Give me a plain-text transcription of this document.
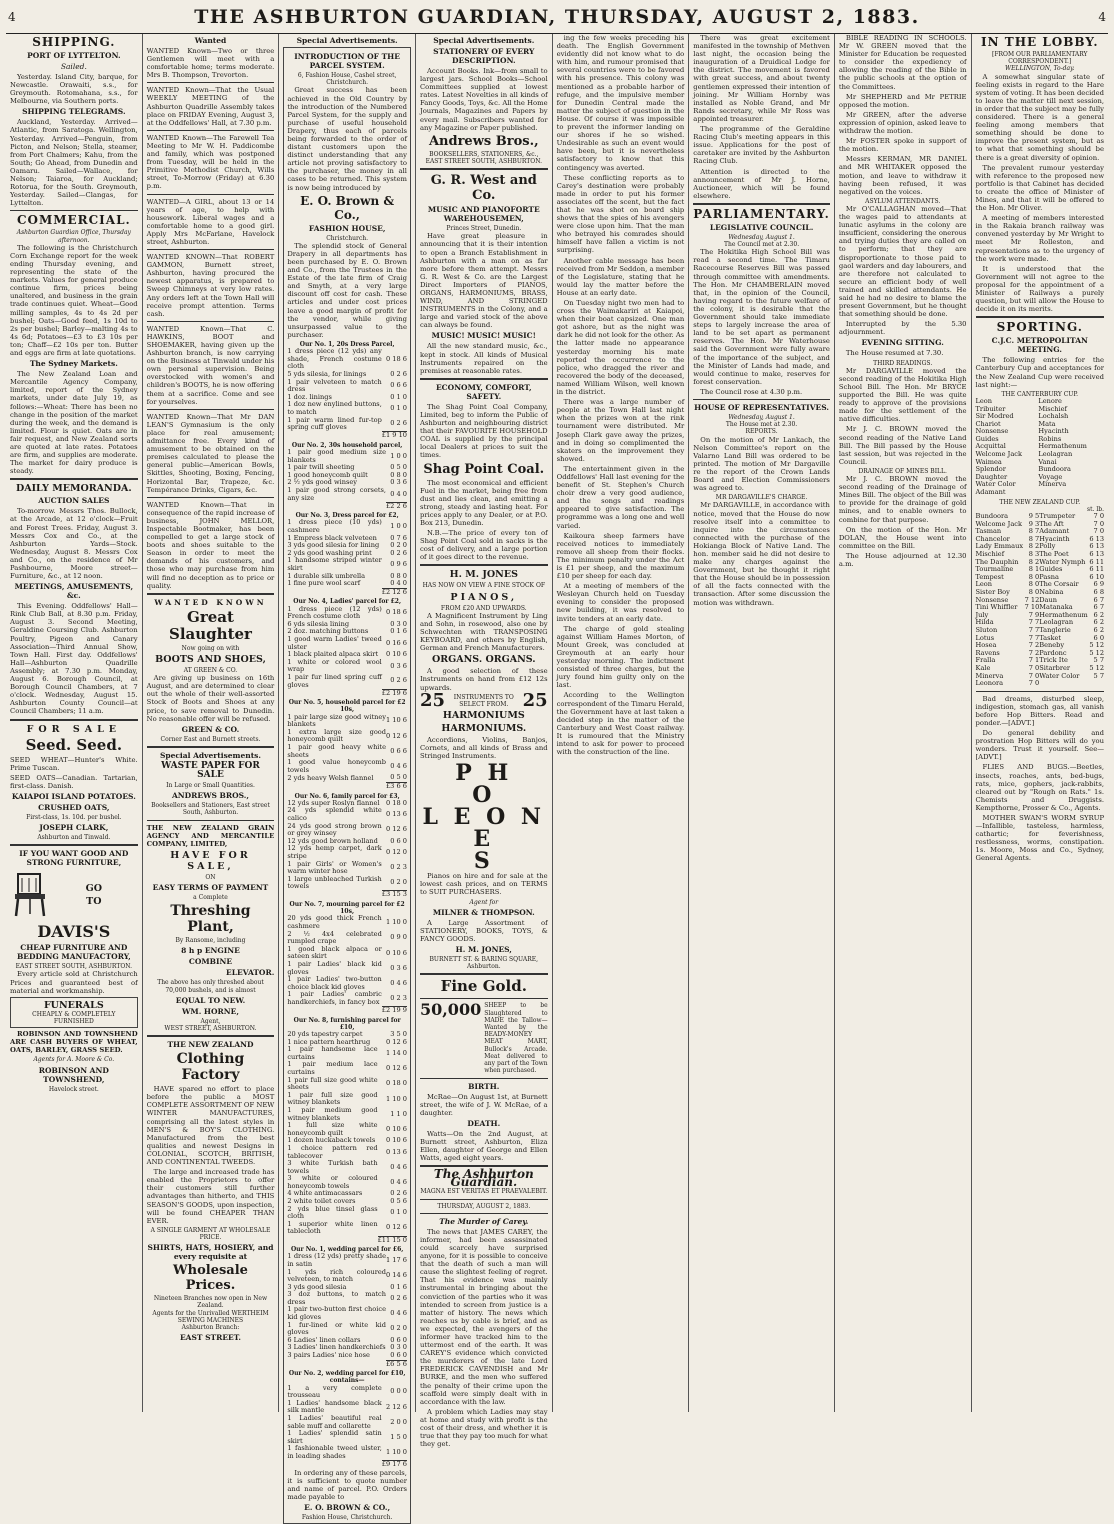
4	THE ASHBURTON GUARDIAN, THURSDAY, AUGUST 2, 1883.	4
SHIPPING.
PORT OF LYTTELTON.
Sailed.

Yesterday. Island City, barque, for Newcastle. Orawaiti, s.s., for Greymouth. Rotomahana, s.s., for Melbourne, via Southern ports.

SHIPPING TELEGRAMS.

Auckland, Yesterday. Arrived—Atlantic, from Saratoga. Wellington, Yesterday. Arrived—Penguin, from Picton, and Nelson; Stella, steamer, from Port Chalmers; Kahu, from the South; Go Ahead, from Dunedin and Oamaru. Sailed—Wallace, for Nelson; Taiaroa, for Auckland; Rotorua, for the South. Greymouth, Yesterday. Sailed—Clangas, for Lyttelton.

COMMERCIAL.
Ashburton Guardian Office, Thursday afternoon.

The following is the Christchurch Corn Exchange report for the week ending Thursday evening, and representing the state of the markets. Values for general produce continue firm, prices being unaltered, and business in the grain trade continues quiet. Wheat—Good milling samples, 4s to 4s 2d per bushel; Oats—Good feed, 1s 10d to 2s per bushel; Barley—malting 4s to 4s 6d; Potatoes—£3 to £3 10s per ton; Chaff—£2 10s per ton. Butter and eggs are firm at late quotations.

The Sydney Markets.

The New Zealand Loan and Mercantile Agency Company, limited, report of the Sydney markets, under date July 19, as follows:—Wheat: There has been no change in the position of the market during the week, and the demand is limited. Flour is quiet. Oats are in fair request, and New Zealand sorts are quoted at late rates. Potatoes are firm, and supplies are moderate. The market for dairy produce is steady.

DAILY MEMORANDA.
AUCTION SALES

To-morrow. Messrs Thos. Bullock, at the Arcade, at 12 o'clock—Fruit and Forest Trees. Friday, August 3. Messrs Cox and Co., at the Ashburton Yards—Stock. Wednesday, August 8. Messrs Cox and Co., on the residence of Mr Pashbourne, Moore street—Furniture, &c., at 12 noon.

MEETINGS, AMUSEMENTS, &c.

This Evening. Oddfellows' Hall—Rink Club Ball, at 8.30 p.m. Friday, August 3. Second Meeting, Geraldine Coursing Club. Ashburton Poultry, Pigeon and Canary Association—Third Annual Show, Town Hall. First day. Oddfellows' Hall—Ashburton Quadrille Assembly; at 7.30 p.m. Monday, August 6. Borough Council, at Borough Council Chambers, at 7 o'clock. Wednesday, August 15. Ashburton County Council—at Council Chambers; 11 a.m.

FOR SALE
Seed. Seed.

SEED WHEAT—Hunter's White. Prime Tuscan.

SEED OATS—Canadian. Tartarian, first-class. Danish.

KAIAPOI ISLAND POTATOES.
CRUSHED OATS,
First-class, 1s. 10d. per bushel.
JOSEPH CLARK,
Ashburton and Tinwald.
IF YOU WANT GOOD AND STRONG FURNITURE,
GO
TO
DAVIS'S
CHEAP FURNITURE AND BEDDING MANUFACTORY,
EAST STREET SOUTH, ASHBURTON.

Every article sold at Christchurch Prices and guaranteed best of material and workmanship.

FUNERALS
CHEAPLY & COMPLETELY FURNISHED

ROBINSON AND TOWNSHEND ARE CASH BUYERS OF WHEAT, OATS, BARLEY, GRASS SEED.

Agents for A. Moore & Co.
ROBINSON AND TOWNSHEND,
Havelock street.
Wanted

WANTED Known—Two or three Gentlemen will meet with a comfortable home; terms moderate. Mrs B. Thompson, Trevorton.

WANTED Known—That the Usual WEEKLY MEETING of the Ashburton Quadrille Assembly takes place on FRIDAY Evening, August 3, at the Oddfellows' Hall, at 7.30 p.m.

WANTED Known—The Farewell Tea Meeting to Mr W. H. Paddicombe and family, which was postponed from Tuesday, will be held in the Primitive Methodist Church, Wills street, To-Morrow (Friday) at 6.30 p.m.

WANTED—A GIRL, about 13 or 14 years of age, to help with housework. Liberal wages and a comfortable home to a good girl. Apply Mrs McFarlane, Havelock street, Ashburton.

WANTED KNOWN—That ROBERT GAMMON, Burnett street, Ashburton, having procured the newest apparatus, is prepared to Sweep Chimneys at very low rates. Any orders left at the Town Hall will receive prompt attention. Terms cash.

WANTED Known—That C. HAWKINS, BOOT and SHOEMAKER, having given up the Ashburton branch, is now carrying on the Business at Tinwald under his own personal supervision. Being overstocked with women's and children's BOOTS, he is now offering them at a sacrifice. Come and see for yourselves.

WANTED Known—That Mr DAN LEAN'S Gymnasium is the only place for real amusement; admittance free. Every kind of amusement to be obtained on the premises calculated to please the general public—American Bowls, Skittles, Shooting, Boxing, Fencing, Horizontal Bar, Trapeze, &c. Tempérance Drinks, Cigars, &c.

WANTED Known—That in consequence of the rapid increase of business, JOHN MELLOR, Inspectable Bootmaker, has been compelled to get a large stock of boots and shoes suitable to the Season in order to meet the demands of his customers, and those who may purchase from him will find no deception as to price or quality.

WANTED KNOWN
Great Slaughter
Now going on with
BOOTS AND SHOES,
AT GREEN & CO.

Are giving up business on 16th August, and are determined to clear out the whole of their well-assorted Stock of Boots and Shoes at any price, to save removal to Dunedin. No reasonable offer will be refused.

GREEN & CO.
Corner East and Burnett streets.
Special Advertisements.
WASTE PAPER FOR SALE
In Large or Small Quantities.
ANDREWS BROS.,
Booksellers and Stationers, East street South, Ashburton.

THE NEW ZEALAND GRAIN AGENCY AND MERCANTILE COMPANY, LIMITED,

HAVE FOR SALE,
ON
EASY TERMS OF PAYMENT
a Complete
Threshing Plant,
By Ransome, including
8 h p ENGINE
COMBINE
ELEVATOR.
The above has only threshed about
70,000 bushels, and is almost
EQUAL TO NEW.
WM. HORNE,
Agent,
WEST STREET, ASHBURTON.
THE NEW ZEALAND
Clothing Factory

HAVE spared no effort to place before the public a MOST COMPLETE ASSORTMENT OF NEW WINTER MANUFACTURES, comprising all the latest styles in MEN'S & BOY'S CLOTHING. Manufactured from the best qualities and newest Designs in COLONIAL, SCOTCH, BRITISH, AND CONTINENTAL TWEEDS.

The large and increased trade has enabled the Proprietors to offer their customers still further advantages than hitherto, and THIS SEASON'S GOODS, upon inspection, will be found CHEAPER THAN EVER.

A SINGLE GARMENT AT WHOLESALE PRICE.
SHIRTS, HATS, HOSIERY, and every requisite at
Wholesale Prices.
Nineteen Branches now open in New Zealand.
Agents for the Unrivalled WERTHEIM SEWING MACHINES
Ashburton Branch:
EAST STREET.
Special Advertisements.
INTRODUCTION OF THE PARCEL SYSTEM.
6, Fashion House, Cashel street, Christchurch.

Great success has been achieved in the Old Country by the introduction of the Numbered Parcel System, for the supply and purchase of useful household Drapery, thus each of parcels being forwarded to the order of distant customers upon the distinct understanding that any article not proving satisfactory to the purchaser, the money in all cases to be returned. This system is now being introduced by

E. O. Brown & Co.,
FASHION HOUSE,
Christchurch.

The splendid stock of General Drapery in all departments has been purchased by E. O. Brown and Co., from the Trustees in the Estate of the late firm of Craig and Smyth, at a very large discount off cost for cash. These articles and under cost prices leave a good margin of profit for the vendor, while giving unsurpassed value to the purchaser.

Our No. 1, 20s Dress Parcel,
1 dress piece (12 yds) any shade, French costume cloth	0 18 6
5 yds silesia, for linings	0 2 6
1 pair velveteen to match dress	0 6 6
1 doz. linings	0 1 0
1 doz new enylined buttons, to match	0 1 0
1 pair warm lined fur-top spring cuff gloves	0 2 6
	£1 9 10
Our No. 2, 30s household parcel,
1 pair good medium size blankets	1 0 0
1 pair twill sheeting	0 5 0
1 good honeycomb quilt	0 8 0
2 ½ yds good winsey	0 3 6
1 pair good strong corsets, any size	0 4 0
	£2 2 6
Our No. 3, Dress parcel for £2,
1 dress piece (10 yds) cashmere	1 0 0
1 Empress black velveteen	0 7 6
3 yds good silesia for lining	0 2 0
2 yds good washing print	0 2 6
1 handsome striped winter skirt	0 9 6
1 durable silk umbrella	0 8 0
1 fine pure wool scarf	0 4 0
	£2 12 6
Our No. 4, Ladies' parcel for £2,
1 dress piece (12 yds) French costume cloth	0 18 6
6 yds silesia lining	0 3 0
2 doz. matching buttons	0 1 6
1 good warm Ladies' tweed ulster	0 16 6
1 black plaited alpaca skirt	0 10 6
1 white or colored wool wrap	0 3 6
1 pair fur lined spring cuff gloves	0 2 6
	£2 19 6
Our No. 5, household parcel for £2 10s,
1 pair large size good witney blankets	1 10 6
1 extra large size good honeycomb quilt	0 12 6
1 pair good heavy white sheets	0 6 6
1 good value honeycomb towels	0 4 6
2 yds heavy Welsh flannel	0 5 0
	£3 6 6
Our No. 6, family parcel for £3,
12 yds super Roslyn flannel	0 18 0
24 yds splendid white calico	0 13 6
24 yds good strong brown or grey winsey	0 12 6
12 yds good brown holland	0 6 0
12 yds hemp carpet, dark stripe	0 12 0
1 pair Girls' or Women's warm winter hose	0 2 3
1 large unbleached Turkish towels	0 2 0
	£3 15 3
Our No. 7, mourning parcel for £2 10s,
20 yds good thick French cashmere	1 10 0
2 ½ 4x4 celebrated rumpled crape	0 9 0
1 good black alpaca or sateen skirt	0 10 6
1 pair Ladies' black kid gloves	0 3 6
1 pair Ladies' two-button choice black kid gloves	0 4 6
1 pair Ladies' cambric handkerchiefs, in fancy box	0 2 3
	£2 19 9
Our No. 8, furnishing parcel for £10,
20 yds tapestry carpet	3 5 0
1 nice pattern hearthrug	0 12 6
1 pair handsome lace curtains	1 14 0
1 pair medium lace curtains	0 12 6
1 pair full size good white sheets	0 18 0
1 pair full size good witney blankets	1 10 0
1 pair medium good witney blankets	1 1 0
1 full size white honeycomb quilt	0 10 6
1 dozen huckaback towels	0 10 6
1 choice pattern red tablecover	0 13 6
3 white Turkish bath towels	0 4 6
3 white or coloured honeycomb towels	0 4 6
4 white antimacassars	0 2 6
2 white toilet covers	0 5 6
2 yds blue tinsel glass cloth	0 1 0
1 superior white linen tablecloth	0 12 6
	£11 15 0
Our No. 1, wedding parcel for £6,
1 dress (12 yds) pretty shade in satin	1 17 6
1 yds rich coloured velveteen, to match	0 14 6
3 yds good silesia	0 1 6
3 doz buttons, to match dress	0 2 6
1 pair two-button first choice kid gloves	0 4 6
1 fur-lined or white kid gloves	0 2 0
6 Ladies' linen collars	0 6 0
3 Ladies' linen handkerchiefs	0 3 0
3 pairs Ladies' nice hose	0 6 0
	£6 5 6
Our No. 2, wedding parcel for £10, contains—
1 a very complete trousseau	0 0 0
1 Ladies' handsome black silk mantle	2 12 6
1 Ladies' beautiful real sable muff and collarette	2 0 0
1 Ladies' splendid satin skirt	1 5 0
1 fashionable tweed ulster, in leading shades	1 10 0
	£9 17 6

In ordering any of these parcels, it is sufficient to quote number and name of parcel. P.O. Orders made payable to

E. O. BROWN & CO.,
Fashion House, Christchurch.
Special Advertisements.
STATIONERY OF EVERY DESCRIPTION.

Account Books. Ink—from small to largest jars. School Books—School Committees supplied at lowest rates. Latest Novelties in all kinds of Fancy Goods, Toys, &c. All the Home Journals, Magazines and Papers by every mail. Subscribers wanted for any Magazine or Paper published.

Andrews Bros.,
BOOKSELLERS, STATIONERS, &c., EAST STREET SOUTH, ASHBURTON.
G. R. West and Co.
MUSIC AND PIANOFORTE WAREHOUSEMEN,
Princes Street, Dunedin.

Have great pleasure in announcing that it is their intention to open a Branch Establishment in Ashburton with a man on as far more before them attempt. Messrs G. R. West & Co. are the Largest Direct Importers of PIANOS, ORGANS, HARMONIUMS, BRASS, WIND, AND STRINGED INSTRUMENTS in the Colony, and a large and varied stock of the above can always be found.

MUSIC! MUSIC! MUSIC!

All the new standard music, &c., kept in stock. All kinds of Musical Instruments repaired on the premises at reasonable rates.

ECONOMY, COMFORT, SAFETY.

The Shag Point Coal Company, Limited, beg to inform the Public of Ashburton and neighbouring district that their FAVOURITE HOUSEHOLD COAL is supplied by the principal local Dealers at prices to suit the times.

Shag Point Coal.

The most economical and efficient Fuel in the market, being free from dust and lies clean, and emitting a strong, steady and lasting heat. For prices apply to any Dealer, or at P.O. Box 213, Dunedin.

N.B.—The price of every ton of Shag Point Coal sold in sacks is the cost of delivery, and a large portion of it goes direct to the revenue.

H. M. JONES
HAS NOW ON VIEW A FINE STOCK OF
PIANOS,
FROM £20 AND UPWARDS.

A Magnificent Instrument by Ling and Sohn, in rosewood, also one by Schwechten with TRANSPOSING KEYBOARD, and others by English, German and French Manufacturers.

ORGANS. ORGANS.

A good selection of these Instruments on hand from £12 12s upwards.

25	INSTRUMENTS TO SELECT FROM. 25
HARMONIUMS
HARMONIUMS.

Accordions, Violins, Banjos, Cornets, and all kinds of Brass and Stringed Instruments.

P H
O
L E O N E
S

Pianos on hire and for sale at the lowest cash prices, and on TERMS to SUIT PURCHASERS.

Agent for
MILNER & THOMPSON.

A Large Assortment of STATIONERY, BOOKS, TOYS, & FANCY GOODS.

H. M. JONES,
BURNETT ST. & BARING SQUARE, Ashburton.
Fine Gold.
50,000 SHEEP to be Slaughtered to MADE the Tallow—Wanted by the BEADY-MONEY MEAT MART, Bullock's Arcade. Meat delivered to any part of the Town when purchased.
BIRTH.

McRae—On August 1st, at Burnett street, the wife of J. W. McRae, of a daughter.

DEATH.

Watts—On the 2nd August, at Burnett street, Ashburton, Eliza Ellen, daughter of George and Ellen Watts, aged eight years.

The Ashburton Guardian.
MAGNA EST VERITAS ET PRAEVALEBIT.
THURSDAY, AUGUST 2, 1883.
The Murder of Carey.

The news that JAMES CAREY, the informer, had been assassinated could scarcely have surprised anyone, for it is possible to conceive that the death of such a man will cause the slightest feeling of regret. That his evidence was mainly instrumental in bringing about the conviction of the parties who it was intended to screen from justice is a matter of history. The news which reaches us by cable is brief, and as we expected, the avengers of the informer have tracked him to the uttermost end of the earth. It was CAREY'S evidence which convicted the murderers of the late Lord FREDERICK CAVENDISH and Mr BURKE, and the men who suffered the penalty of their crime upon the scaffold were simply dealt with in accordance with the law.

A problem which Ladies may stay at home and study with profit is the cost of their dress, and whether it is true that they pay too much for what they get.

ing the few weeks preceding his death. The English Government evidently did not know what to do with him, and rumour promised that several countries were to be favored with his presence. This colony was mentioned as a probable harbor of refuge, and the impulsive member for Dunedin Central made the matter the subject of question in the House. Of course it was impossible to prevent the informer landing on our shores if he so wished. Undesirable as such an event would have been, but it is nevertheless satisfactory to know that this contingency was averted.

These conflicting reports as to Carey's destination were probably made in order to put his former associates off the scent, but the fact that he was shot on board ship shows that the spies of his avengers were close upon him. That the man who betrayed his comrades should himself have fallen a victim is not surprising.

Another cable message has been received from Mr Seddon, a member of the Legislature, stating that he would lay the matter before the House at an early date.

On Tuesday night two men had to cross the Waimakariri at Kaiapoi, when their boat capsized. One man got ashore, but as the night was dark he did not look for the other. As the latter made no appearance yesterday morning his mate reported the occurrence to the police, who dragged the river and recovered the body of the deceased, named William Wilson, well known in the district.

There was a large number of people at the Town Hall last night when the prizes won at the rink tournament were distributed. Mr Joseph Clark gave away the prizes, and in doing so complimented the skaters on the improvement they showed.

The entertainment given in the Oddfellows' Hall last evening for the benefit of St. Stephen's Church choir drew a very good audience, and the songs and readings appeared to give satisfaction. The programme was a long one and well varied.

Kaikoura sheep farmers have received notices to immediately remove all sheep from their flocks. The minimum penalty under the Act is £1 per sheep, and the maximum £10 per sheep for each day.

At a meeting of members of the Wesleyan Church held on Tuesday evening to consider the proposed new building, it was resolved to invite tenders at an early date.

The charge of gold stealing against William Hames Morton, of Mount Greek, was concluded at Greymouth at an early hour yesterday morning. The indictment consisted of three charges, but the jury found him guilty only on the last.

According to the Wellington correspondent of the Timaru Herald, the Government have at last taken a decided step in the matter of the Canterbury and West Coast railway. It is rumoured that the Ministry intend to ask for power to proceed with the construction of the line.

There was great excitement manifested in the township of Methven last night, the occasion being the inauguration of a Druidical Lodge for the district. The movement is favored with great success, and about twenty gentlemen expressed their intention of joining. Mr William Hornby was installed as Noble Grand, and Mr Rands secretary, while Mr Ross was appointed treasurer.

The programme of the Geraldine Racing Club's meeting appears in this issue. Applications for the post of caretaker are invited by the Ashburton Racing Club.

Attention is directed to the announcement of Mr J. Horne, Auctioneer, which will be found elsewhere.

PARLIAMENTARY.
LEGISLATIVE COUNCIL.
Wednesday, August 1.
The Council met at 2.30.

The Hokitika High School Bill was read a second time. The Timaru Racecourse Reserves Bill was passed through committee with amendments. The Hon. Mr CHAMBERLAIN moved that, in the opinion of the Council, having regard to the future welfare of the colony, it is desirable that the Government should take immediate steps to largely increase the area of land to be set apart as permanent reserves. The Hon. Mr Waterhouse said the Government were fully aware of the importance of the subject, and the Minister of Lands had made, and would continue to make, reserves for forest conservation.

The Council rose at 4.30 p.m.

HOUSE OF REPRESENTATIVES.
Wednesday, August 1.
The House met at 2.30.
REPORTS.

On the motion of Mr Lankach, the Nelson Committee's report on the Valarno Land Bill was ordered to be printed. The motion of Mr Dargaville re the report of the Crown Lands Board and Election Commissioners was agreed to.

MR DARGAVILLE'S CHARGE.

Mr DARGAVILLE, in accordance with notice, moved that the House do now resolve itself into a committee to inquire into the circumstances connected with the purchase of the Hokianga Block of Native Land. The hon. member said he did not desire to make any charges against the Government, but he thought it right that the House should be in possession of all the facts connected with the transaction. After some discussion the motion was withdrawn.

BIBLE READING IN SCHOOLS. Mr W. GREEN moved that the Minister for Education be requested to consider the expediency of allowing the reading of the Bible in the public schools at the option of the Committees.

Mr SHEPHERD and Mr PETRIE opposed the motion.

Mr GREEN, after the adverse expression of opinion, asked leave to withdraw the motion.

Mr FOSTER spoke in support of the motion.

Messrs KERMAN, MR DANIEL and MR WHITAKER opposed the motion, and leave to withdraw it having been refused, it was negatived on the voices.

ASYLUM ATTENDANTS.

Mr O'CALLAGHAN moved—That the wages paid to attendants at lunatic asylums in the colony are insufficient, considering the onerous and trying duties they are called on to perform; that they are disproportionate to those paid to gaol warders and day labourers, and are therefore not calculated to secure an efficient body of well trained and skilled attendants. He said he had no desire to blame the present Government, but he thought that something should be done.

Interrupted by the 5.30 adjournment.

EVENING SITTING.

The House resumed at 7.30.

THIRD READINGS.

Mr DARGAVILLE moved the second reading of the Hokitika High School Bill. The Hon. Mr BRYCE supported the Bill. He was quite ready to approve of the provisions made for the settlement of the native difficulties.

Mr J. C. BROWN moved the second reading of the Native Land Bill. The Bill passed by the House last session, but was rejected in the Council.

DRAINAGE OF MINES BILL.

Mr J. C. BROWN moved the second reading of the Drainage of Mines Bill. The object of the Bill was to provide for the drainage of gold mines, and to enable owners to combine for that purpose.

On the motion of the Hon. Mr DOLAN, the House went into committee on the Bill.

The House adjourned at 12.30 a.m.

IN THE LOBBY.
[FROM OUR PARLIAMENTARY CORRESPONDENT.]
WELLINGTON, To-day.

A somewhat singular state of feeling exists in regard to the Hare system of voting. It has been decided to leave the matter till next session, in order that the subject may be fully considered. There is a general feeling among members that something should be done to improve the present system, but as to what that something should be there is a great diversity of opinion.

The prevalent rumour yesterday with reference to the proposed new portfolio is that Cabinet has decided to create the office of Minister of Mines, and that it will be offered to the Hon. Mr Oliver.

A meeting of members interested in the Rakaia branch railway was convened yesterday by Mr Wright to meet Mr Rolleston, and representations as to the urgency of the work were made.

It is understood that the Government will not agree to the proposal for the appointment of a Minister of Railways a purely question, but will allow the House to decide it on its merits.

SPORTING.
C.J.C. METROPOLITAN MEETING.

The following entries for the Canterbury Cup and acceptances for the New Zealand Cup were received last night:—

THE CANTERBURY CUP.
Leon	Lenore
Tribuiter	Mischief
Sir Modred	Lochalsh
Chariot	Mata
Nonsense	Hyacinth
Guides	Robins
Acquittal	Hermathenum
Welcome Jack	Leolagran
Waimea	Vanai
Splendor	Bundoora
Daughter	Voyage
Water Color	Minerva
Adamant	
THE NEW ZEALAND CUP.
st. lb.
Bundoora	9 5	Trumpeter	7 0
Welcome Jack	9 3	The Aft	7 0
Tasman	8 7	Adamant	7 0
Chancelor	8 7	Hyacinth	6 13
Lady Emmaux	8 2	Polly	6 13
Mischief	8 3	The Poet	6 13
The Dauphin	8 2	Water Nymph	6 11
Tourmaline	8 1	Guides	6 11
Tempest	8 0	Pasna	6 10
Leon	8 0	The Corsair	6 9
Sister Boy	8 0	Nabina	6 8
Nonsense	7 12	Daun	6 7
Tini Whiffler	7 10	Matanaka	6 7
July	7 9	Hermathenum	6 2
Hilda	7 7	Leolagran	6 2
Sluton	7 7	Tanglerie	6 2
Lotus	7 7	Tasket	6 0
Hosea	7 2	Beneby	5 12
Ravens	7 2	Pardonc	5 12
Fralla	7 1	Trick Ite	5 7
Kale	7 0	Sitarbrer	5 12
Minerva	7 0	Water Color	5 7
Leonora	7 0		

Bad dreams, disturbed sleep, indigestion, stomach gas, all vanish before Hop Bitters. Read and ponder.—[ADVT.]

Do general debility and prostration Hop Bitters will do you wonders. Trust it yourself. See—[ADVT.]

FLIES AND BUGS.—Beetles, insects, roaches, ants, bed-bugs, rats, mice, gophers, jack-rabbits, cleared out by "Rough on Rats." 1s. Chemists and Druggists. Kempthorne, Prosser & Co., Agents.

MOTHER SWAN'S WORM SYRUP—Infallible, tasteless, harmless, cathartic; for feverishness, restlessness, worms, constipation. 1s. Moore, Moss and Co., Sydney, General Agents.
